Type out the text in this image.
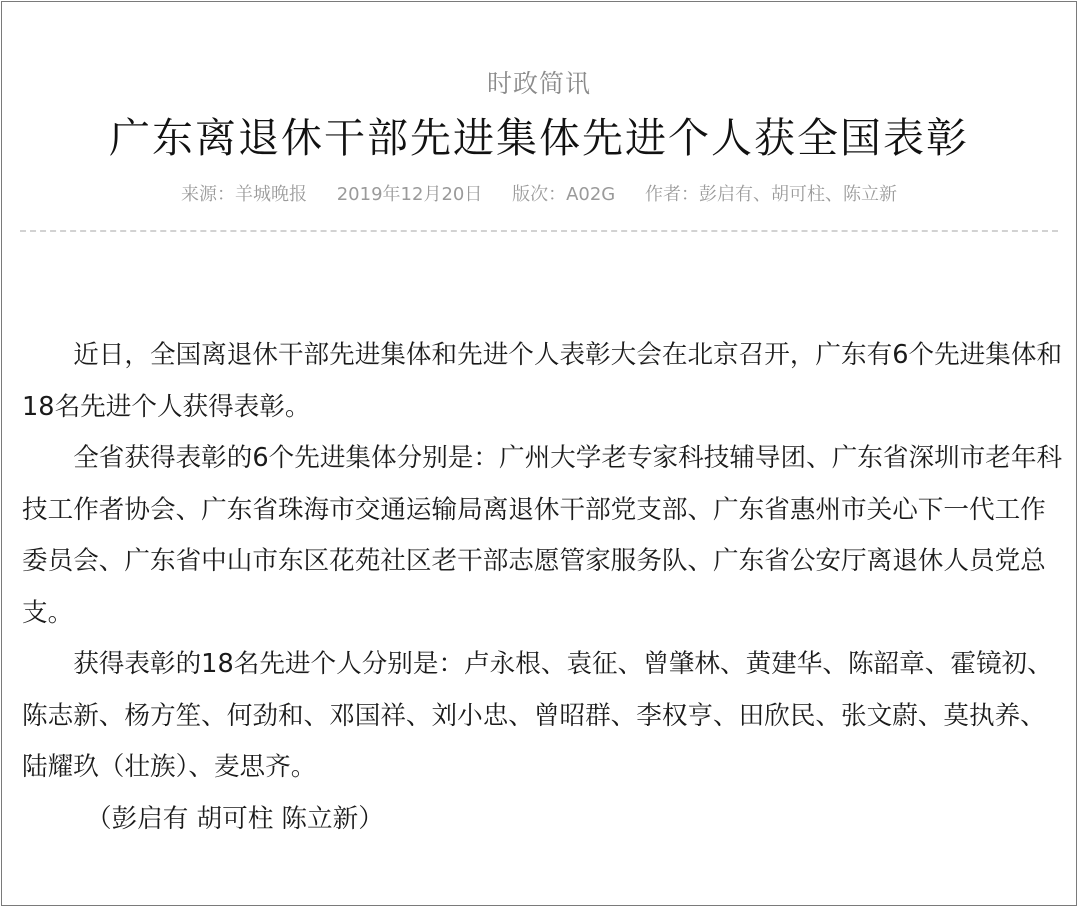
时政简讯
广东离退休干部先进集体先进个人获全国表彰
来源：羊城晚报 2019年12月20日 版次：A02G 作者：彭启有、胡可柱、陈立新

近日，全国离退休干部先进集体和先进个人表彰大会在北京召开，广东有6个先进集体和18名先进个人获得表彰。

全省获得表彰的6个先进集体分别是：广州大学老专家科技辅导团、广东省深圳市老年科技工作者协会、广东省珠海市交通运输局离退休干部党支部、广东省惠州市关心下一代工作委员会、广东省中山市东区花苑社区老干部志愿管家服务队、广东省公安厅离退休人员党总支。

获得表彰的18名先进个人分别是：卢永根、袁征、曾肇林、黄建华、陈韶章、霍镜初、陈志新、杨方笙、何劲和、邓国祥、刘小忠、曾昭群、李权亨、田欣民、张文蔚、莫执养、陆耀玖（壮族）、麦思齐。

（彭启有 胡可柱 陈立新）
